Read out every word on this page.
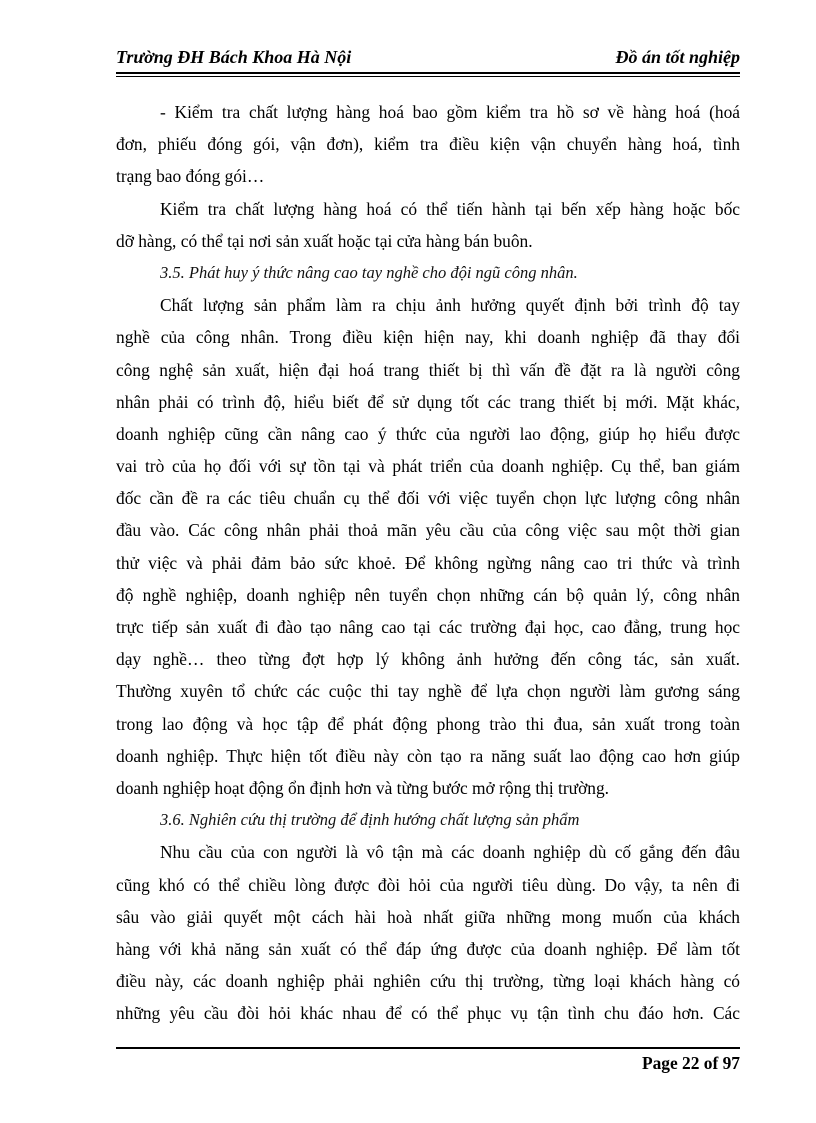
Trường ĐH Bách Khoa Hà Nội	Đồ án tốt nghiệp
- Kiểm tra chất lượng hàng hoá bao gồm kiểm tra hồ sơ về hàng hoá (hoá
đơn, phiếu đóng gói, vận đơn), kiểm tra điều kiện vận chuyển hàng hoá, tình
trạng bao đóng gói…
Kiểm tra chất lượng hàng hoá có thể tiến hành tại bến xếp hàng hoặc bốc
dỡ hàng, có thể tại nơi sản xuất hoặc tại cửa hàng bán buôn.
3.5. Phát huy ý thức nâng cao tay nghề cho đội ngũ công nhân.
Chất lượng sản phẩm làm ra chịu ảnh hưởng quyết định bởi trình độ tay
nghề của công nhân. Trong điều kiện hiện nay, khi doanh nghiệp đã thay đổi
công nghệ sản xuất, hiện đại hoá trang thiết bị thì vấn đề đặt ra là người công
nhân phải có trình độ, hiểu biết để sử dụng tốt các trang thiết bị mới. Mặt khác,
doanh nghiệp cũng cần nâng cao ý thức của người lao động, giúp họ hiểu được
vai trò của họ đối với sự tồn tại và phát triển của doanh nghiệp. Cụ thể, ban giám
đốc cần đề ra các tiêu chuẩn cụ thể đối với việc tuyển chọn lực lượng công nhân
đầu vào. Các công nhân phải thoả mãn yêu cầu của công việc sau một thời gian
thử việc và phải đảm bảo sức khoẻ. Để không ngừng nâng cao tri thức và trình
độ nghề nghiệp, doanh nghiệp nên tuyển chọn những cán bộ quản lý, công nhân
trực tiếp sản xuất đi đào tạo nâng cao tại các trường đại học, cao đẳng, trung học
dạy nghề… theo từng đợt hợp lý không ảnh hưởng đến công tác, sản xuất.
Thường xuyên tổ chức các cuộc thi tay nghề để lựa chọn người làm gương sáng
trong lao động và học tập để phát động phong trào thi đua, sản xuất trong toàn
doanh nghiệp. Thực hiện tốt điều này còn tạo ra năng suất lao động cao hơn giúp
doanh nghiệp hoạt động ổn định hơn và từng bước mở rộng thị trường.
3.6. Nghiên cứu thị trường để định hướng chất lượng sản phẩm
Nhu cầu của con người là vô tận mà các doanh nghiệp dù cố gắng đến đâu
cũng khó có thể chiều lòng được đòi hỏi của người tiêu dùng. Do vậy, ta nên đi
sâu vào giải quyết một cách hài hoà nhất giữa những mong muốn của khách
hàng với khả năng sản xuất có thể đáp ứng được của doanh nghiệp. Để làm tốt
điều này, các doanh nghiệp phải nghiên cứu thị trường, từng loại khách hàng có
những yêu cầu đòi hỏi khác nhau để có thể phục vụ tận tình chu đáo hơn. Các
Page 22 of 97
